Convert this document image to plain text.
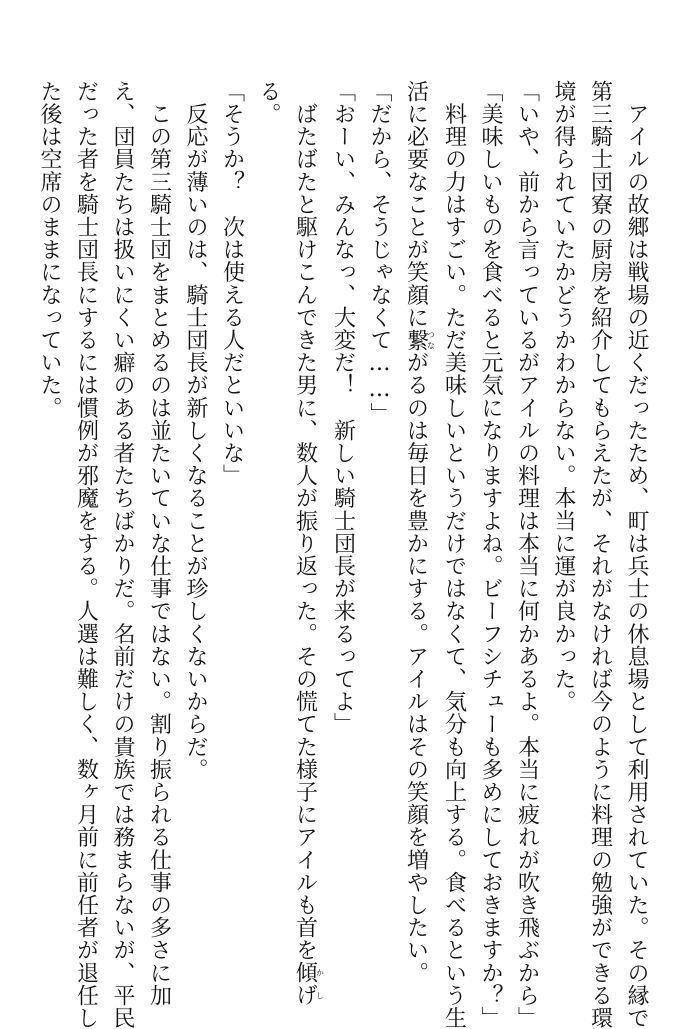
　アイルの故郷は戦場の近くだったため、町は兵士の休息場として利用されていた。その縁で
第三騎士団寮の厨房を紹介してもらえたが、それがなければ今のように料理の勉強ができる環
境が得られていたかどうかわからない。本当に運が良かった。
「いや、前から言っているがアイルの料理は本当に何かあるよ。本当に疲れが吹き飛ぶから」
「美味しいものを食べると元気になりますよね。ビーフシチューも多めにしておきますか？」
　料理の力はすごい。ただ美味しいというだけではなくて、気分も向上する。食べるという生
活に必要なことが笑顔に繋つながるのは毎日を豊かにする。アイルはその笑顔を増やしたい。
「だから、そうじゃなくて……」
「おーい、みんなっ、大変だ！　新しい騎士団長が来るってよ」
　ばたばたと駆けこんできた男に、数人が振り返った。その慌てた様子にアイルも首を傾げかし
る。
「そうか？　次は使える人だといいな」
　反応が薄いのは、騎士団長が新しくなることが珍しくないからだ。
　この第三騎士団をまとめるのは並たいていな仕事ではない。割り振られる仕事の多さに加
え、団員たちは扱いにくい癖のある者たちばかりだ。名前だけの貴族では務まらないが、平民
だった者を騎士団長にするには慣例が邪魔をする。人選は難しく、数ヶ月前に前任者が退任し
た後は空席のままになっていた。
